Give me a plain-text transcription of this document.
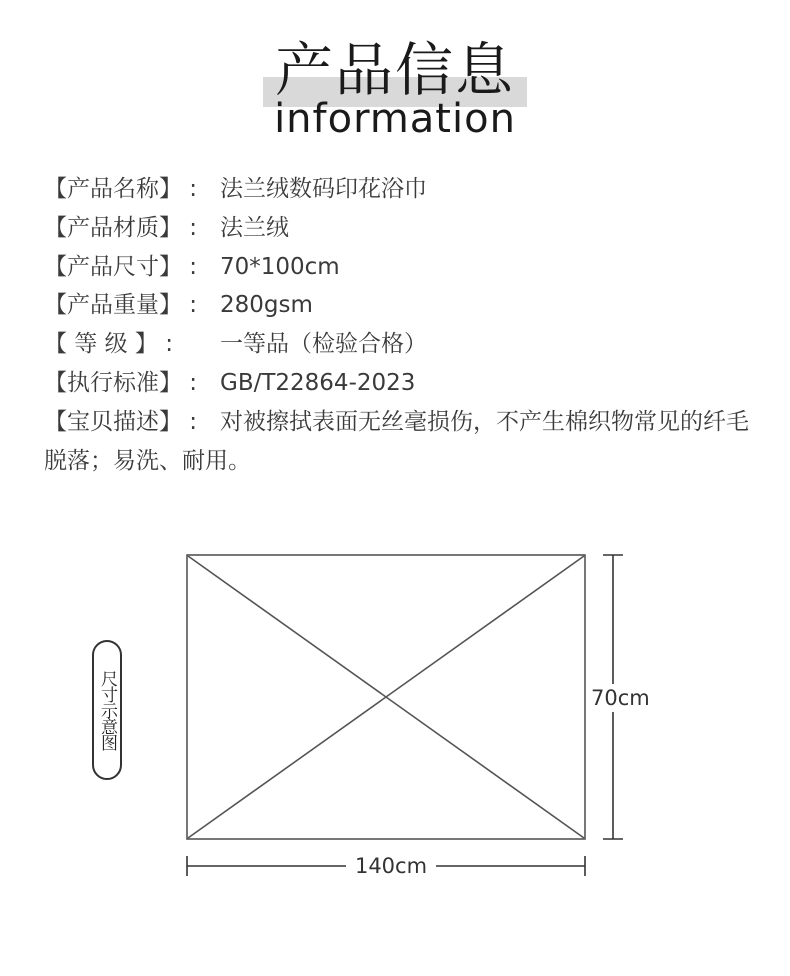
产品信息
information
【产品名称】 :法兰绒数码印花浴巾
【产品材质】 :法兰绒
【产品尺寸】 :70*100cm
【产品重量】 :280gsm
【 等 级 】 :一等品（检验合格）
【执行标准】 :GB/T22864-2023
【宝贝描述】 :对被擦拭表面无丝毫损伤，不产生棉织物常见的纤毛脱落；易洗、耐用。
尺寸示意图	70cm
140cm
